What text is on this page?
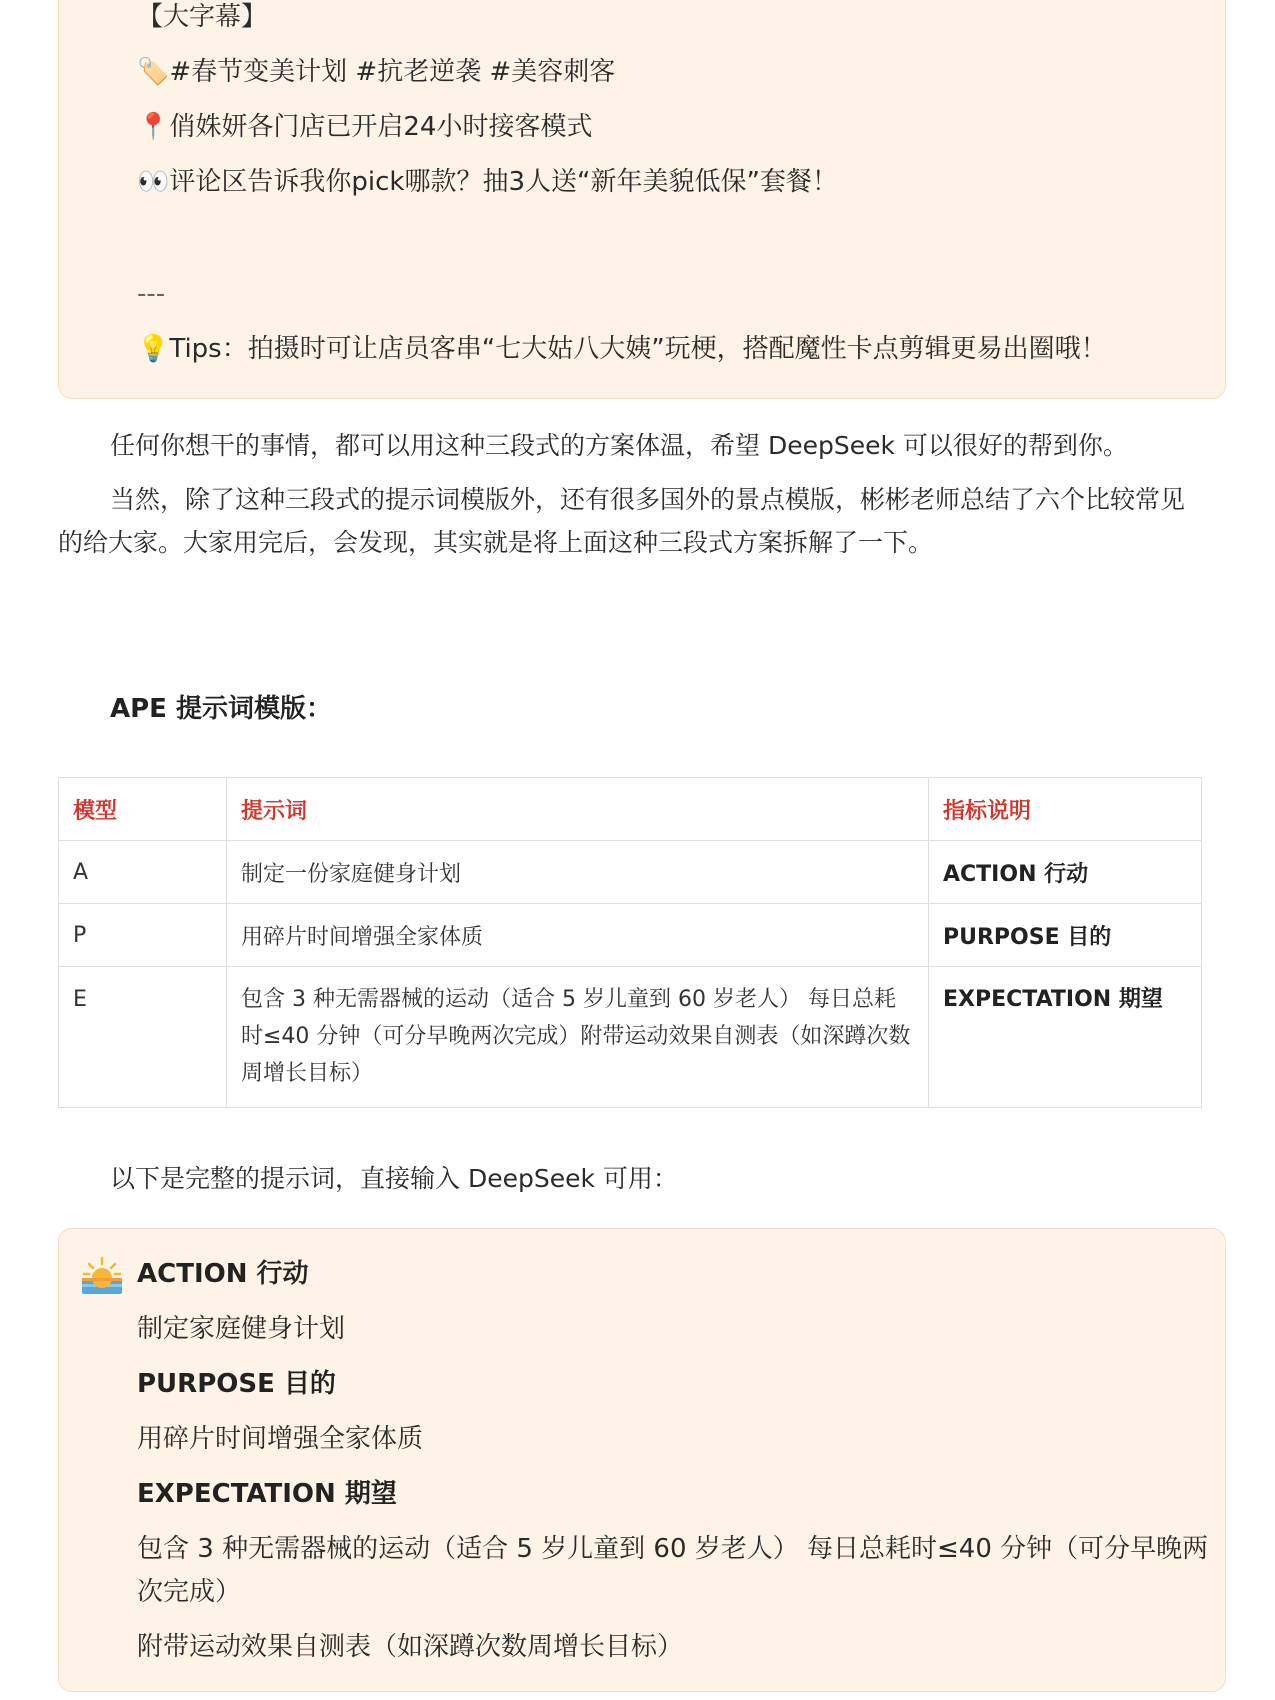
【大字幕】
🏷️#春节变美计划 #抗老逆袭 #美容刺客
📍俏姝妍各门店已开启24小时接客模式
👀评论区告诉我你pick哪款？抽3人送“新年美貌低保”套餐！
---
💡Tips：拍摄时可让店员客串“七大姑八大姨”玩梗，搭配魔性卡点剪辑更易出圈哦！
任何你想干的事情，都可以用这种三段式的方案体温，希望 DeepSeek 可以很好的帮到你。
当然，除了这种三段式的提示词模版外，还有很多国外的景点模版，彬彬老师总结了六个比较常见的给大家。大家用完后，会发现，其实就是将上面这种三段式方案拆解了一下。
APE 提示词模版：
模型	提示词	指标说明
A	制定一份家庭健身计划	ACTION 行动
P	用碎片时间增强全家体质	PURPOSE 目的
E	包含 3 种无需器械的运动（适合 5 岁儿童到 60 岁老人） 每日总耗时≤40 分钟（可分早晚两次完成）附带运动效果自测表（如深蹲次数周增长目标）	EXPECTATION 期望
以下是完整的提示词，直接输入 DeepSeek 可用：
ACTION 行动
制定家庭健身计划
PURPOSE 目的
用碎片时间增强全家体质
EXPECTATION 期望
包含 3 种无需器械的运动（适合 5 岁儿童到 60 岁老人） 每日总耗时≤40 分钟（可分早晚两
次完成）
附带运动效果自测表（如深蹲次数周增长目标）
